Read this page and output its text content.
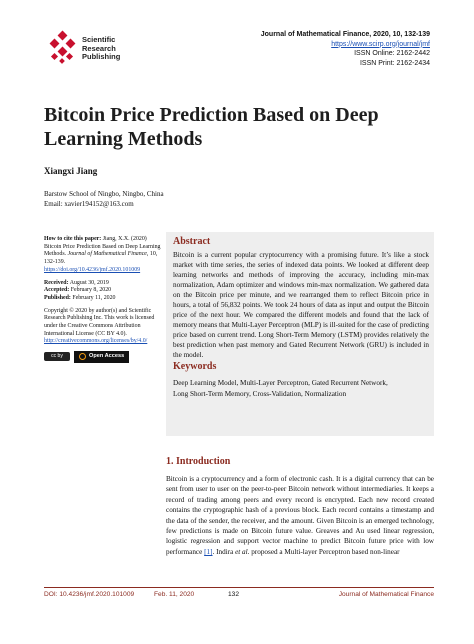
Scientific
Research
Publishing
Journal of Mathematical Finance, 2020, 10, 132-139
https://www.scirp.org/journal/jmf
ISSN Online: 2162-2442
ISSN Print: 2162-2434
Bitcoin Price Prediction Based on Deep Learning Methods
Xiangxi Jiang
Barstow School of Ningbo, Ningbo, China
Email: xavier194152@163.com

How to cite this paper: Jiang, X.X. (2020) Bitcoin Price Prediction Based on Deep Learning Methods. Journal of Mathematical Finance, 10, 132-139. https://doi.org/10.4236/jmf.2020.101009

Received: August 30, 2019
Accepted: February 8, 2020
Published: February 11, 2020

Copyright © 2020 by author(s) and Scientific Research Publishing Inc. This work is licensed under the Creative Commons Attribution International License (CC BY 4.0).
http://creativecommons.org/licenses/by/4.0/

cc by	Open Access
Abstract
Bitcoin is a current popular cryptocurrency with a promising future. It’s like a stock market with time series, the series of indexed data points. We looked at different deep learning networks and methods of improving the accuracy, including min-max normalization, Adam optimizer and windows min-max normalization. We gathered data on the Bitcoin price per minute, and we rearranged them to reflect Bitcoin price in hours, a total of 56,832 points. We took 24 hours of data as input and output the Bitcoin price of the next hour. We compared the different models and found that the lack of memory means that Multi-Layer Perceptron (MLP) is ill-suited for the case of predicting price based on current trend. Long Short-Term Memory (LSTM) provides relatively the best prediction when past memory and Gated Recurrent Network (GRU) is included in the model.
Keywords
Deep Learning Model, Multi-Layer Perceptron, Gated Recurrent Network,
Long Short-Term Memory, Cross-Validation, Normalization
1. Introduction
Bitcoin is a cryptocurrency and a form of electronic cash. It is a digital currency that can be sent from user to user on the peer-to-peer Bitcoin network without intermediaries. It keeps a record of trading among peers and every record is encrypted. Each new record created contains the cryptographic hash of a previous block. Each record contains a timestamp and the data of the sender, the receiver, and the amount. Given Bitcoin is an emerged technology, few predictions is made on Bitcoin future value. Greaves and Au used linear regression, logistic regression and support vector machine to predict Bitcoin future price with low performance [1]. Indira et al. proposed a Multi-layer Perceptron based non-linear
DOI: 10.4236/jmf.2020.101009	Feb. 11, 2020	132	Journal of Mathematical Finance
